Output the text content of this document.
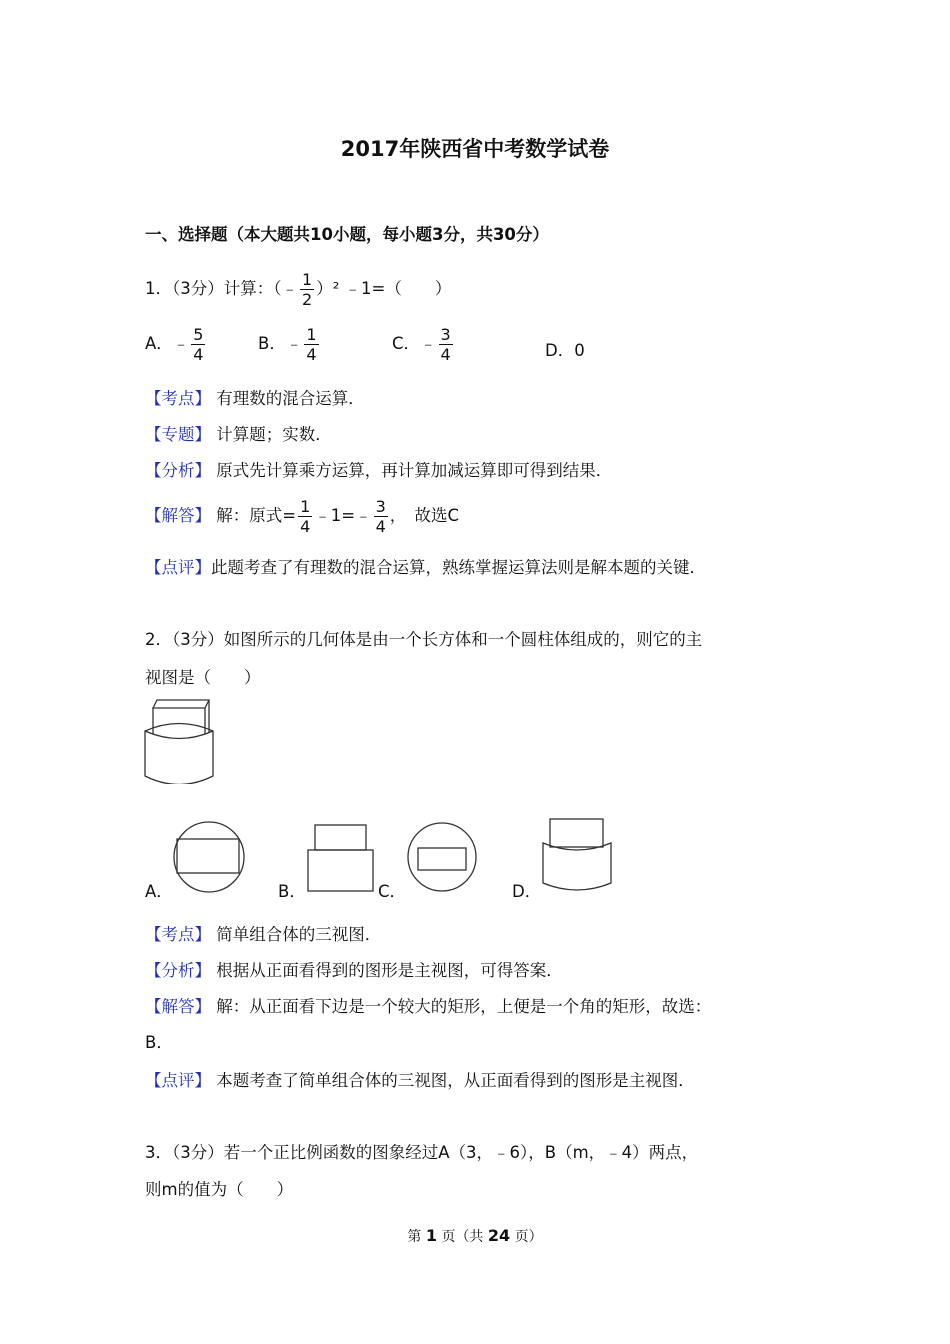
2017年陕西省中考数学试卷
一、选择题（本大题共10小题，每小题3分，共30分）
1．（3分）计算：（﹣ $\frac{1}{2} )^2$ ﹣1=（　　）
A．﹣ $\frac{5}{4}$	B．﹣ $\frac{1}{4}$	C．﹣ $\frac{3}{4}$	D．0
【考点】 有理数的混合运算．
【专题】 计算题；实数．
【分析】 原式先计算乘方运算，再计算加减运算即可得到结果．
【解答】 解：原式= $\frac{1}{4}$ ﹣1=﹣ $\frac{3}{4}$ ，　故选C
【点评】此题考查了有理数的混合运算，熟练掌握运算法则是解本题的关键．
2．（3分）如图所示的几何体是由一个长方体和一个圆柱体组成的，则它的主
视图是（　　）
A．	B．	C．	D．
【考点】 简单组合体的三视图．
【分析】 根据从正面看得到的图形是主视图，可得答案．
【解答】 解：从正面看下边是一个较大的矩形，上便是一个角的矩形，故选：
B．
【点评】 本题考查了简单组合体的三视图，从正面看得到的图形是主视图．
3．（3分）若一个正比例函数的图象经过A（3，﹣6），B（m，﹣4）两点，
则m的值为（　　）
第 1 页（共 24 页）
